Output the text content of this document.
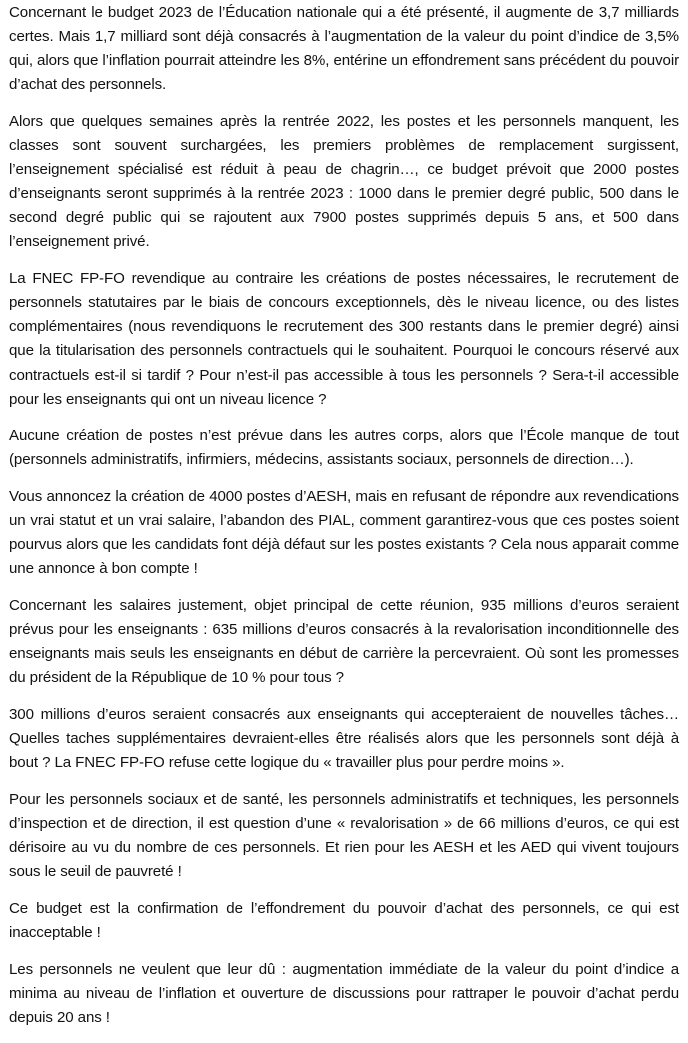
Concernant le budget 2023 de l’Éducation nationale qui a été présenté, il augmente de 3,7 milliards certes. Mais 1,7 milliard sont déjà consacrés à l’augmentation de la valeur du point d’indice de 3,5% qui, alors que l’inflation pourrait atteindre les 8%, entérine un effondrement sans précédent du pouvoir d’achat des personnels.

Alors que quelques semaines après la rentrée 2022, les postes et les personnels manquent, les classes sont souvent surchargées, les premiers problèmes de remplacement surgissent, l’enseignement spécialisé est réduit à peau de chagrin…, ce budget prévoit que 2000 postes d’enseignants seront supprimés à la rentrée 2023 : 1000 dans le premier degré public, 500 dans le second degré public qui se rajoutent aux 7900 postes supprimés depuis 5 ans, et 500 dans l’enseignement privé.

La FNEC FP-FO revendique au contraire les créations de postes nécessaires, le recrutement de personnels statutaires par le biais de concours exceptionnels, dès le niveau licence, ou des listes complémentaires (nous revendiquons le recrutement des 300 restants dans le premier degré) ainsi que la titularisation des personnels contractuels qui le souhaitent. Pourquoi le concours réservé aux contractuels est-il si tardif ? Pour n’est-il pas accessible à tous les personnels ? Sera-t-il accessible pour les enseignants qui ont un niveau licence ?

Aucune création de postes n’est prévue dans les autres corps, alors que l’École manque de tout (personnels administratifs, infirmiers, médecins, assistants sociaux, personnels de direction…).

Vous annoncez la création de 4000 postes d’AESH, mais en refusant de répondre aux revendications un vrai statut et un vrai salaire, l’abandon des PIAL, comment garantirez-vous que ces postes soient pourvus alors que les candidats font déjà défaut sur les postes existants ? Cela nous apparait comme une annonce à bon compte !

Concernant les salaires justement, objet principal de cette réunion, 935 millions d’euros seraient prévus pour les enseignants : 635 millions d’euros consacrés à la revalorisation inconditionnelle des enseignants mais seuls les enseignants en début de carrière la percevraient. Où sont les promesses du président de la République de 10 % pour tous ?

300 millions d’euros seraient consacrés aux enseignants qui accepteraient de nouvelles tâches… Quelles taches supplémentaires devraient-elles être réalisés alors que les personnels sont déjà à bout ? La FNEC FP-FO refuse cette logique du « travailler plus pour perdre moins ».

Pour les personnels sociaux et de santé, les personnels administratifs et techniques, les personnels d’inspection et de direction, il est question d’une « revalorisation » de 66 millions d’euros, ce qui est dérisoire au vu du nombre de ces personnels. Et rien pour les AESH et les AED qui vivent toujours sous le seuil de pauvreté !

Ce budget est la confirmation de l’effondrement du pouvoir d’achat des personnels, ce qui est inacceptable !

Les personnels ne veulent que leur dû : augmentation immédiate de la valeur du point d’indice a minima au niveau de l’inflation et ouverture de discussions pour rattraper le pouvoir d’achat perdu depuis 20 ans !
